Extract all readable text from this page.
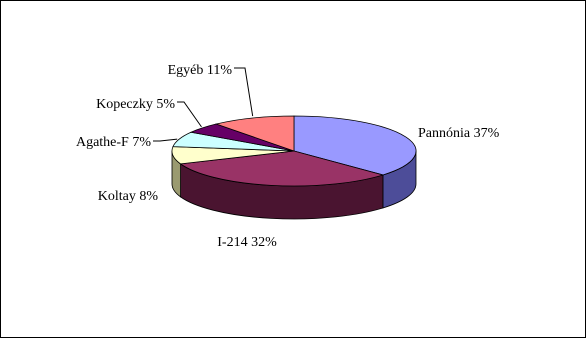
Pannónia 37%
I-214 32%
Koltay 8%
Agathe-F 7%
Kopeczky 5%
Egyéb 11%
